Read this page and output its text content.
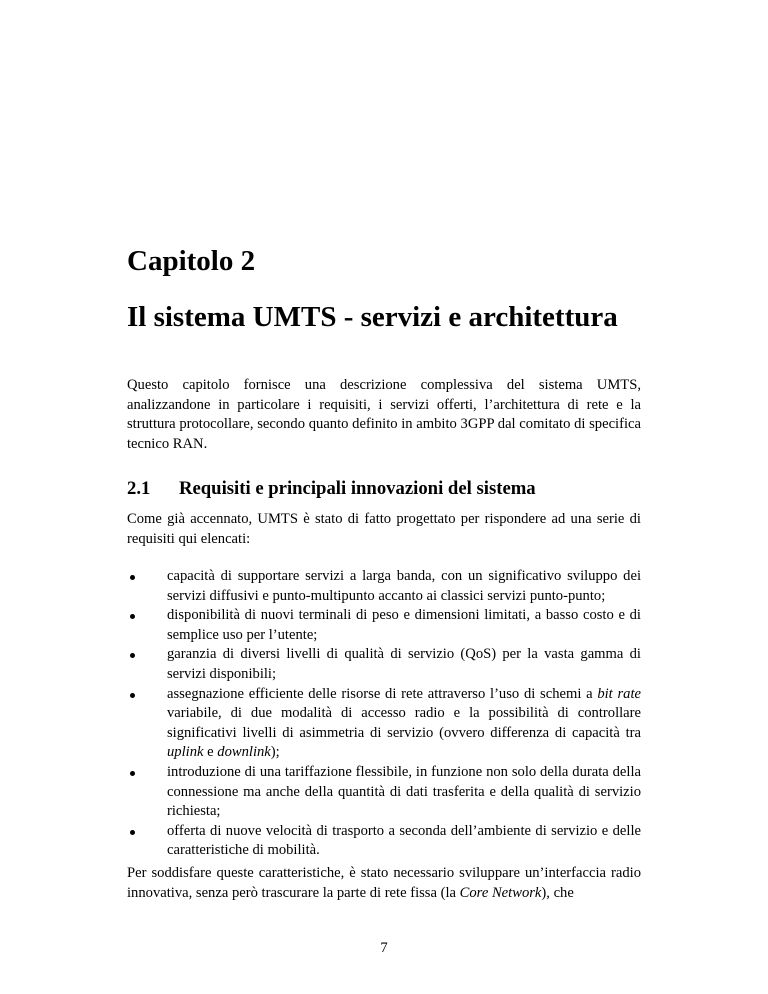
Capitolo 2
Il sistema UMTS - servizi e architettura

Questo capitolo fornisce una descrizione complessiva del sistema UMTS, analizzandone in particolare i requisiti, i servizi offerti, l’architettura di rete e la struttura protocollare, secondo quanto definito in ambito 3GPP dal comitato di specifica tecnico RAN.

2.1 Requisiti e principali innovazioni del sistema

Come già accennato, UMTS è stato di fatto progettato per rispondere ad una serie di requisiti qui elencati:

capacità di supportare servizi a larga banda, con un significativo sviluppo dei servizi diffusivi e punto-multipunto accanto ai classici servizi punto-punto;
disponibilità di nuovi terminali di peso e dimensioni limitati, a basso costo e di semplice uso per l’utente;
garanzia di diversi livelli di qualità di servizio (QoS) per la vasta gamma di servizi disponibili;
assegnazione efficiente delle risorse di rete attraverso l’uso di schemi a bit rate variabile, di due modalità di accesso radio e la possibilità di controllare significativi livelli di asimmetria di servizio (ovvero differenza di capacità tra uplink e downlink);
introduzione di una tariffazione flessibile, in funzione non solo della durata della connessione ma anche della quantità di dati trasferita e della qualità di servizio richiesta;
offerta di nuove velocità di trasporto a seconda dell’ambiente di servizio e delle caratteristiche di mobilità.

Per soddisfare queste caratteristiche, è stato necessario sviluppare un’interfaccia radio innovativa, senza però trascurare la parte di rete fissa (la Core Network), che

7
